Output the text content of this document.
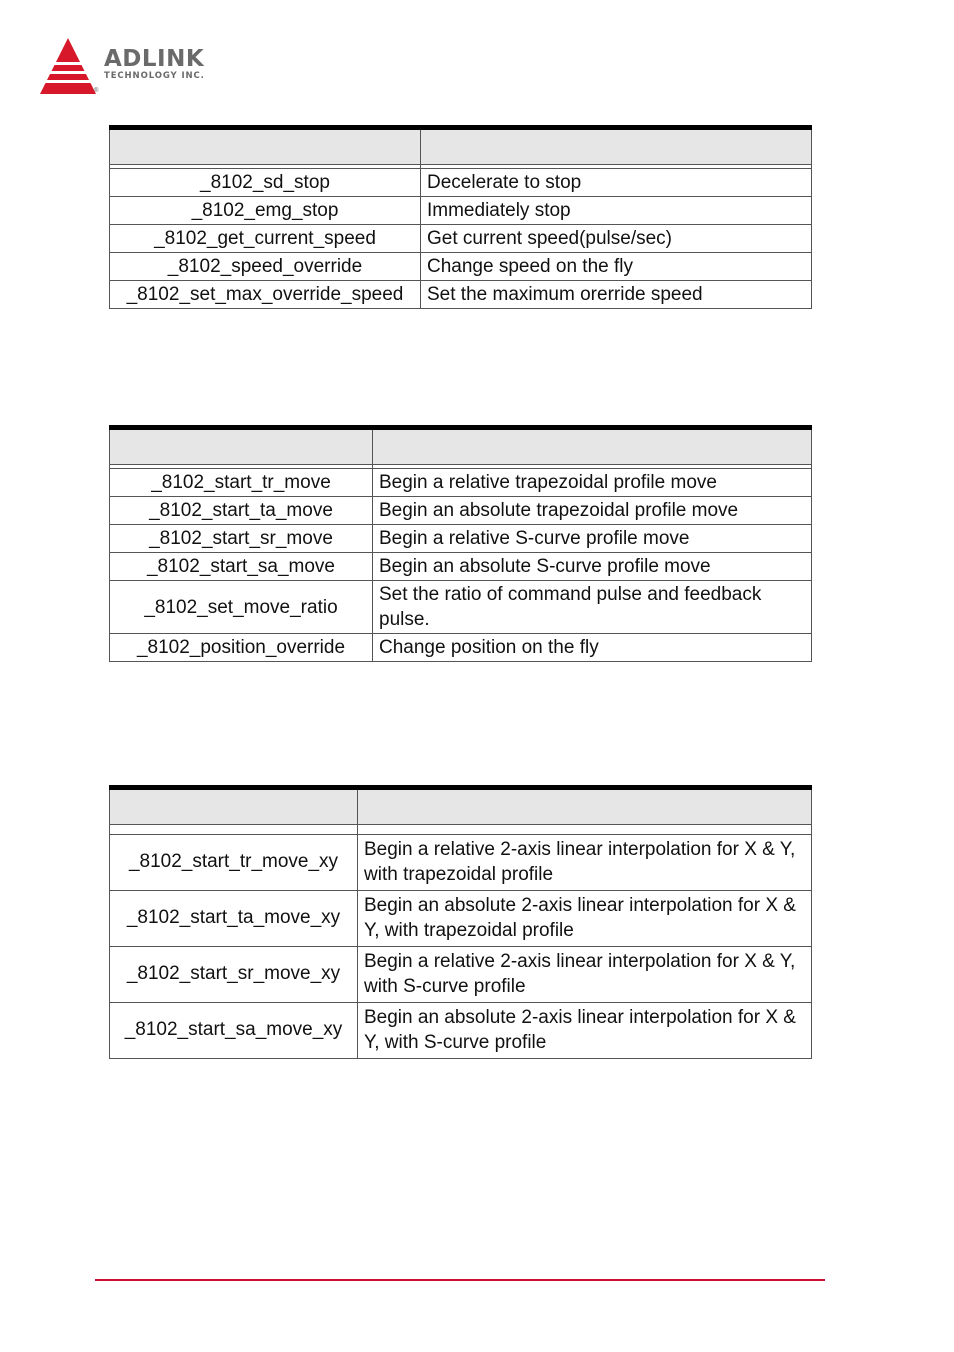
®
ADLINK
TECHNOLOGY INC.

_8102_sd_stop	Decelerate to stop
_8102_emg_stop	Immediately stop
_8102_get_current_speed	Get current speed(pulse/sec)
_8102_speed_override	Change speed on the fly
_8102_set_max_override_speed	Set the maximum orerride speed

_8102_start_tr_move	Begin a relative trapezoidal profile move
_8102_start_ta_move	Begin an absolute trapezoidal profile move
_8102_start_sr_move	Begin a relative S-curve profile move
_8102_start_sa_move	Begin an absolute S-curve profile move
_8102_set_move_ratio	Set the ratio of command pulse and feedback pulse.
_8102_position_override	Change position on the fly

_8102_start_tr_move_xy	Begin a relative 2-axis linear interpolation for X & Y, with trapezoidal profile
_8102_start_ta_move_xy	Begin an absolute 2-axis linear interpolation for X & Y, with trapezoidal profile
_8102_start_sr_move_xy	Begin a relative 2-axis linear interpolation for X & Y, with S-curve profile
_8102_start_sa_move_xy	Begin an absolute 2-axis linear interpolation for X & Y, with S-curve profile
